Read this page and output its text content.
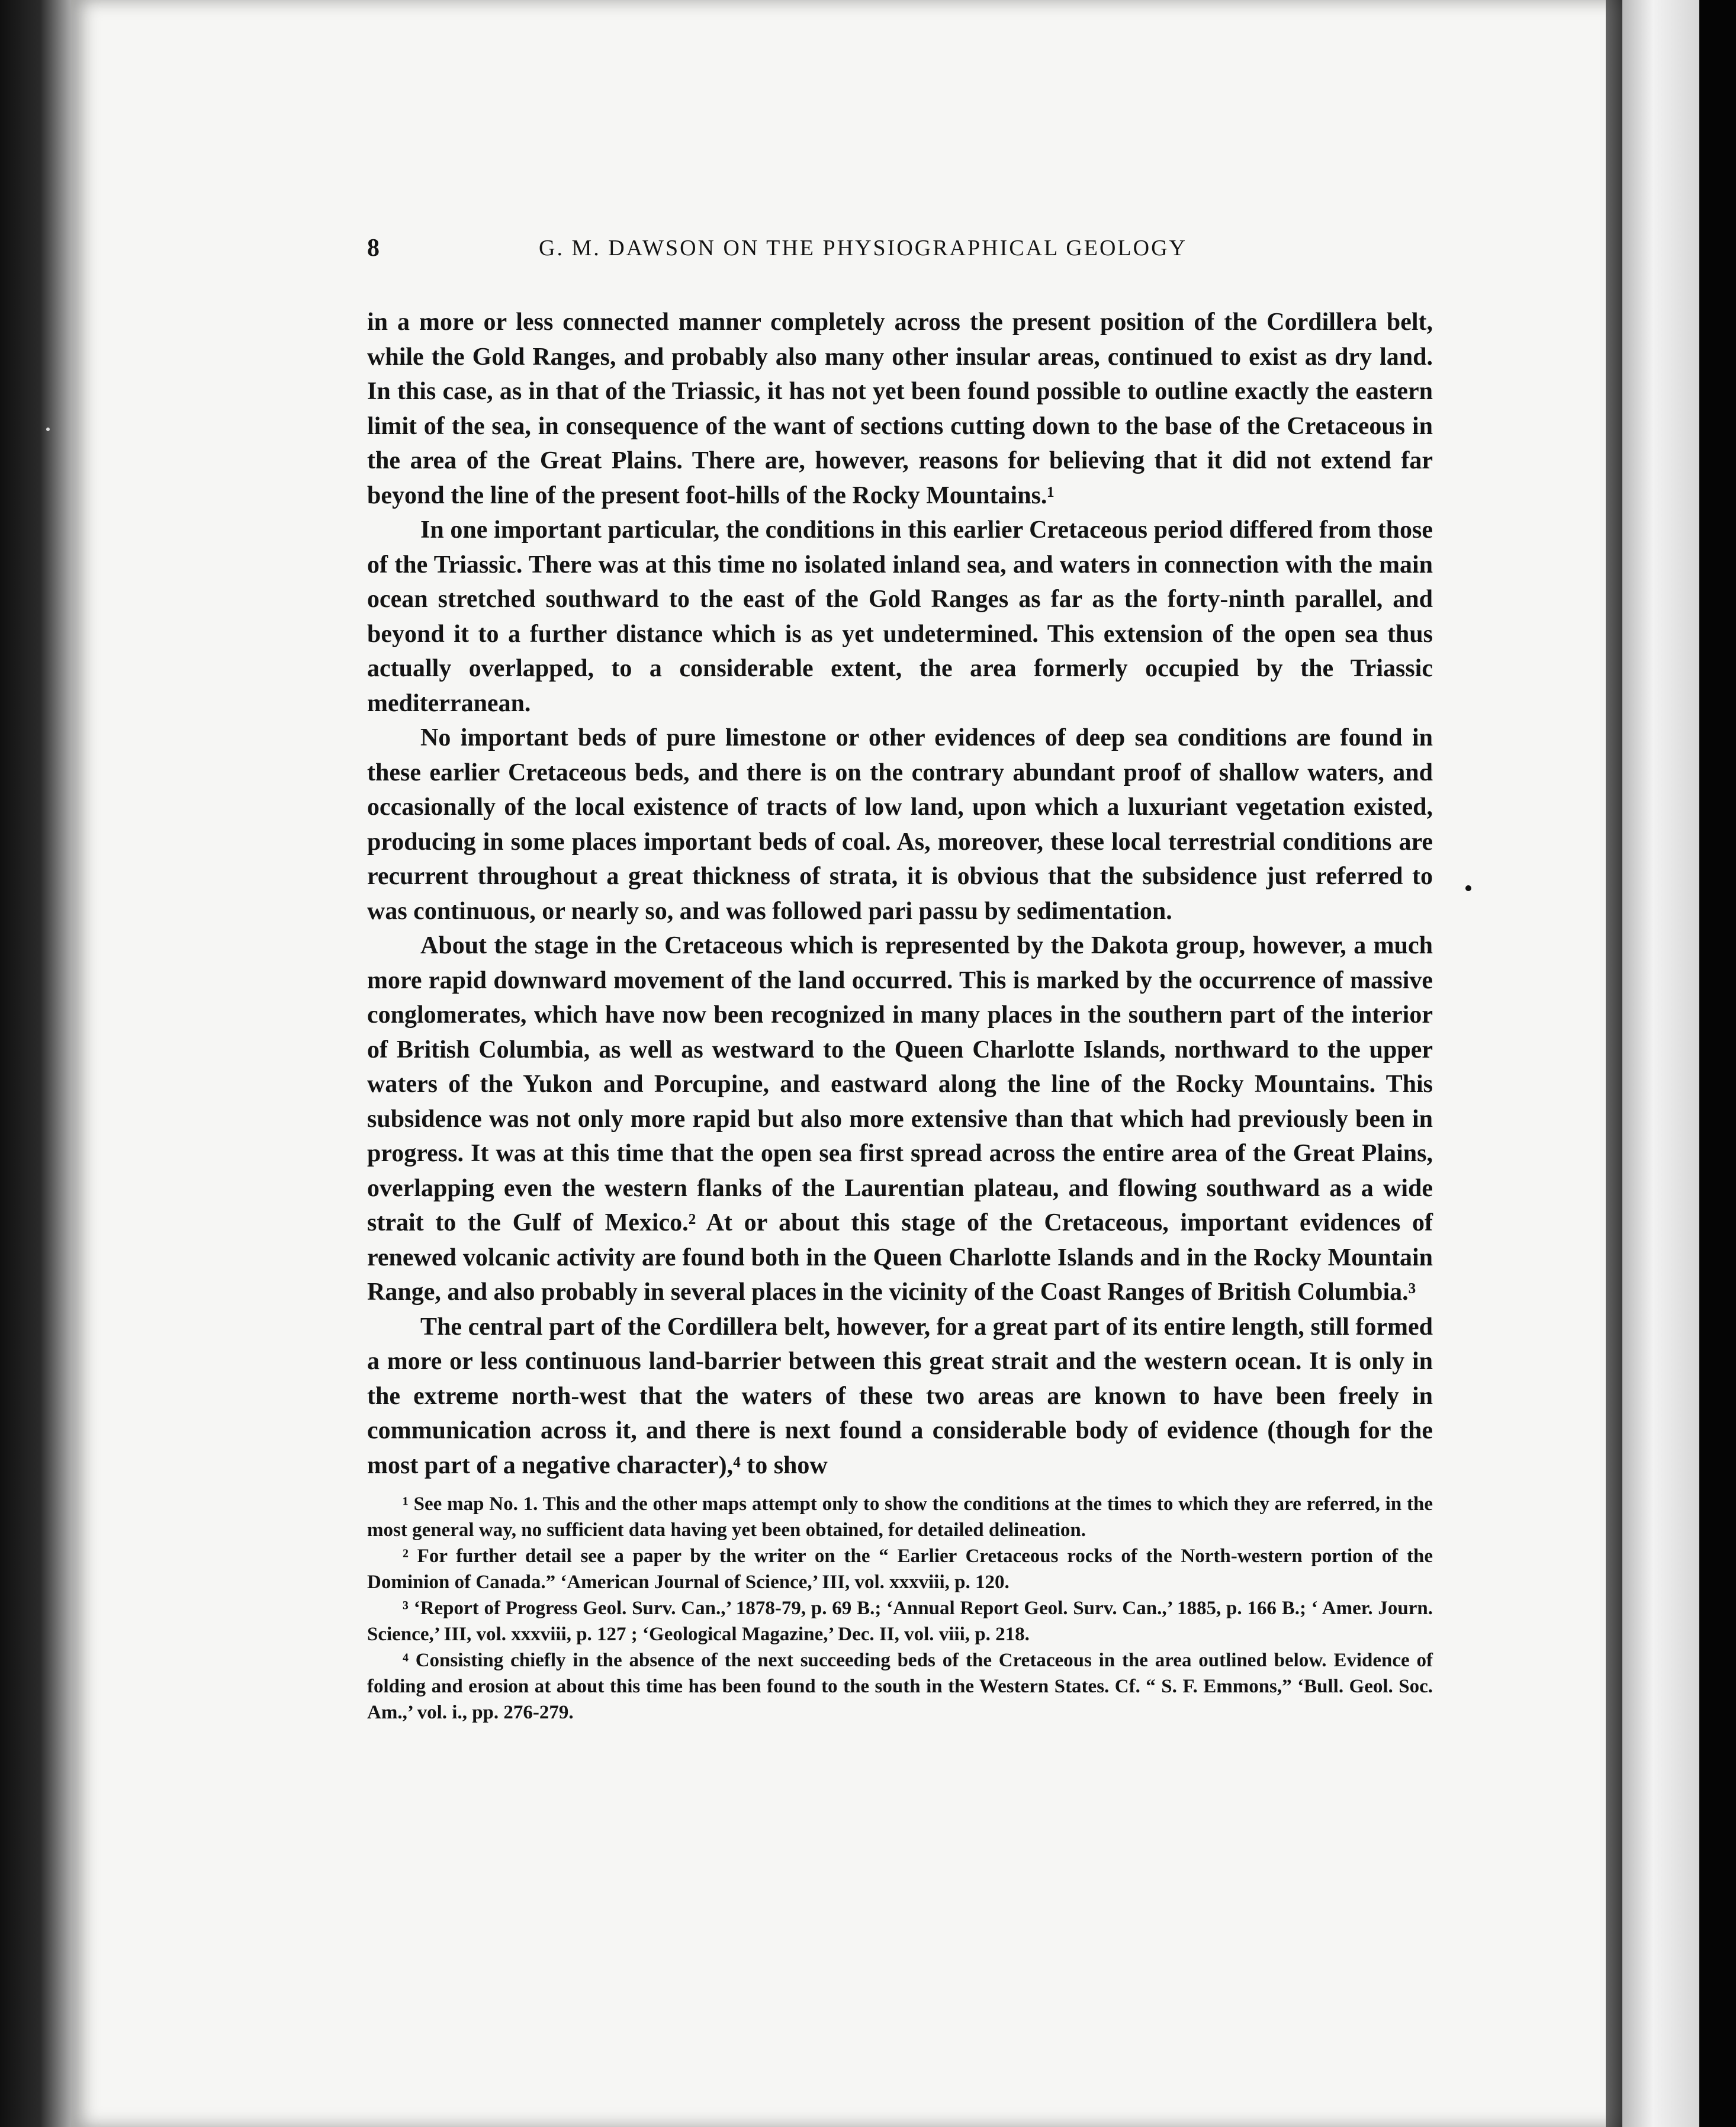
8	G. M. DAWSON ON THE PHYSIOGRAPHICAL GEOLOGY

in a more or less connected manner completely across the present position of the Cordillera belt, while the Gold Ranges, and probably also many other insular areas, continued to exist as dry land. In this case, as in that of the Triassic, it has not yet been found possible to outline exactly the eastern limit of the sea, in consequence of the want of sections cutting down to the base of the Cretaceous in the area of the Great Plains. There are, however, reasons for believing that it did not extend far beyond the line of the present foot-hills of the Rocky Mountains.¹

In one important particular, the conditions in this earlier Cretaceous period differed from those of the Triassic. There was at this time no isolated inland sea, and waters in connection with the main ocean stretched southward to the east of the Gold Ranges as far as the forty-ninth parallel, and beyond it to a further distance which is as yet undetermined. This extension of the open sea thus actually overlapped, to a considerable extent, the area formerly occupied by the Triassic mediterranean.

No important beds of pure limestone or other evidences of deep sea conditions are found in these earlier Cretaceous beds, and there is on the contrary abundant proof of shallow waters, and occasionally of the local existence of tracts of low land, upon which a luxuriant vegetation existed, producing in some places important beds of coal. As, moreover, these local terrestrial conditions are recurrent throughout a great thickness of strata, it is obvious that the subsidence just referred to was continuous, or nearly so, and was followed pari passu by sedimentation.

About the stage in the Cretaceous which is represented by the Dakota group, however, a much more rapid downward movement of the land occurred. This is marked by the occurrence of massive conglomerates, which have now been recognized in many places in the southern part of the interior of British Columbia, as well as westward to the Queen Charlotte Islands, northward to the upper waters of the Yukon and Porcupine, and eastward along the line of the Rocky Mountains. This subsidence was not only more rapid but also more extensive than that which had previously been in progress. It was at this time that the open sea first spread across the entire area of the Great Plains, overlapping even the western flanks of the Laurentian plateau, and flowing southward as a wide strait to the Gulf of Mexico.² At or about this stage of the Cretaceous, important evidences of renewed volcanic activity are found both in the Queen Charlotte Islands and in the Rocky Mountain Range, and also probably in several places in the vicinity of the Coast Ranges of British Columbia.³

The central part of the Cordillera belt, however, for a great part of its entire length, still formed a more or less continuous land-barrier between this great strait and the western ocean. It is only in the extreme north-west that the waters of these two areas are known to have been freely in communication across it, and there is next found a considerable body of evidence (though for the most part of a negative character),⁴ to show

¹ See map No. 1. This and the other maps attempt only to show the conditions at the times to which they are referred, in the most general way, no sufficient data having yet been obtained, for detailed delineation.

² For further detail see a paper by the writer on the “ Earlier Cretaceous rocks of the North-western portion of the Dominion of Canada.” ‘American Journal of Science,’ III, vol. xxxviii, p. 120.

³ ‘Report of Progress Geol. Surv. Can.,’ 1878-79, p. 69 B.; ‘Annual Report Geol. Surv. Can.,’ 1885, p. 166 B.; ‘ Amer. Journ. Science,’ III, vol. xxxviii, p. 127 ; ‘Geological Magazine,’ Dec. II, vol. viii, p. 218.

⁴ Consisting chiefly in the absence of the next succeeding beds of the Cretaceous in the area outlined below. Evidence of folding and erosion at about this time has been found to the south in the Western States. Cf. “ S. F. Emmons,” ‘Bull. Geol. Soc. Am.,’ vol. i., pp. 276-279.
